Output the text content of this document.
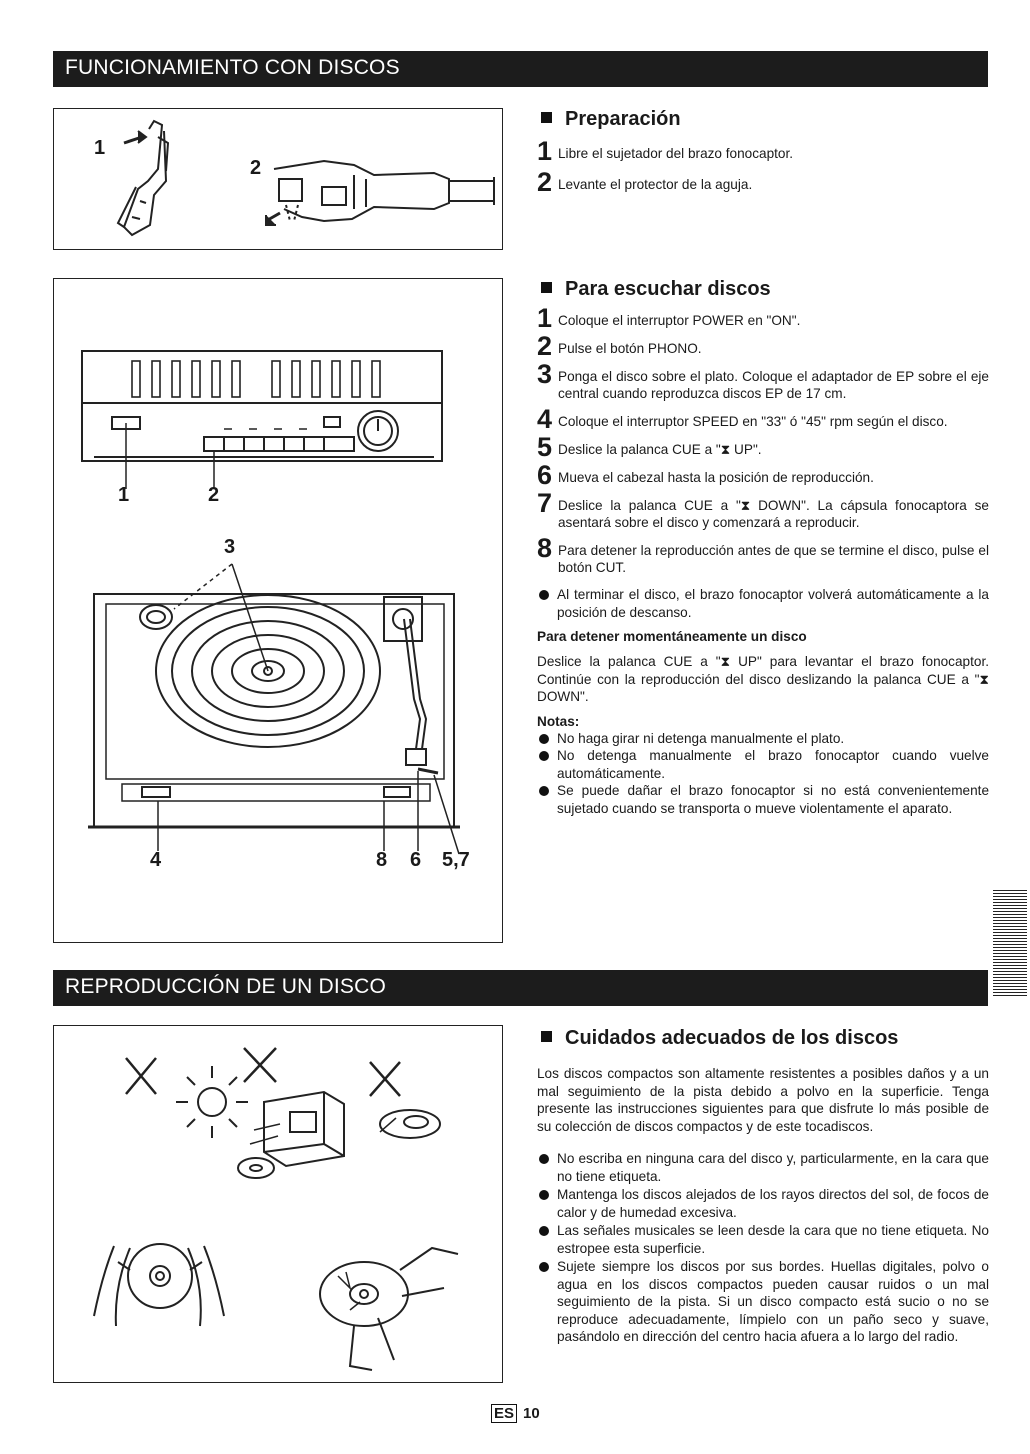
FUNCIONAMIENTO CON DISCOS
1
2
Preparación
1 Libre el sujetador del brazo fonocaptor.
2 Levante el protector de la aguja.
1	2
3
4	8 6 5,7
Para escuchar discos
1 Coloque el interruptor POWER en "ON".
2 Pulse el botón PHONO.
3 Ponga el disco sobre el plato. Coloque el adaptador de EP sobre el eje central cuando reproduzca discos EP de 17 cm.
4 Coloque el interruptor SPEED en "33" ó "45" rpm según el disco.
5 Deslice la palanca CUE a "⧗ UP".
6 Mueva el cabezal hasta la posición de reproducción.
7 Deslice la palanca CUE a "⧗ DOWN". La cápsula fonocaptora se asentará sobre el disco y comenzará a reproducir.
8 Para detener la reproducción antes de que se termine el disco, pulse el botón CUT.
Al terminar el disco, el brazo fonocaptor volverá automáticamente a la posición de descanso.
Para detener momentáneamente un disco
Deslice la palanca CUE a "⧗ UP" para levantar el brazo fonocaptor. Continúe con la reproducción del disco deslizando la palanca CUE a "⧗ DOWN".
Notas:
No haga girar ni detenga manualmente el plato.
No detenga manualmente el brazo fonocaptor cuando vuelve automáticamente.
Se puede dañar el brazo fonocaptor si no está convenientemente sujetado cuando se transporta o mueve violentamente el aparato.
REPRODUCCIÓN DE UN DISCO
Cuidados adecuados de los discos
Los discos compactos son altamente resistentes a posibles daños y a un mal seguimiento de la pista debido a polvo en la superficie. Tenga presente las instrucciones siguientes para que disfrute lo más posible de su colección de discos compactos y de este tocadiscos.
No escriba en ninguna cara del disco y, particularmente, en la cara que no tiene etiqueta.
Mantenga los discos alejados de los rayos directos del sol, de focos de calor y de humedad excesiva.
Las señales musicales se leen desde la cara que no tiene etiqueta. No estropee esta superficie.
Sujete siempre los discos por sus bordes. Huellas digitales, polvo o agua en los discos compactos pueden causar ruidos o un mal seguimiento de la pista. Si un disco compacto está sucio o no se reproduce adecuadamente, límpielo con un paño seco y suave, pasándolo en dirección del centro hacia afuera a lo largo del radio.
ES 10
